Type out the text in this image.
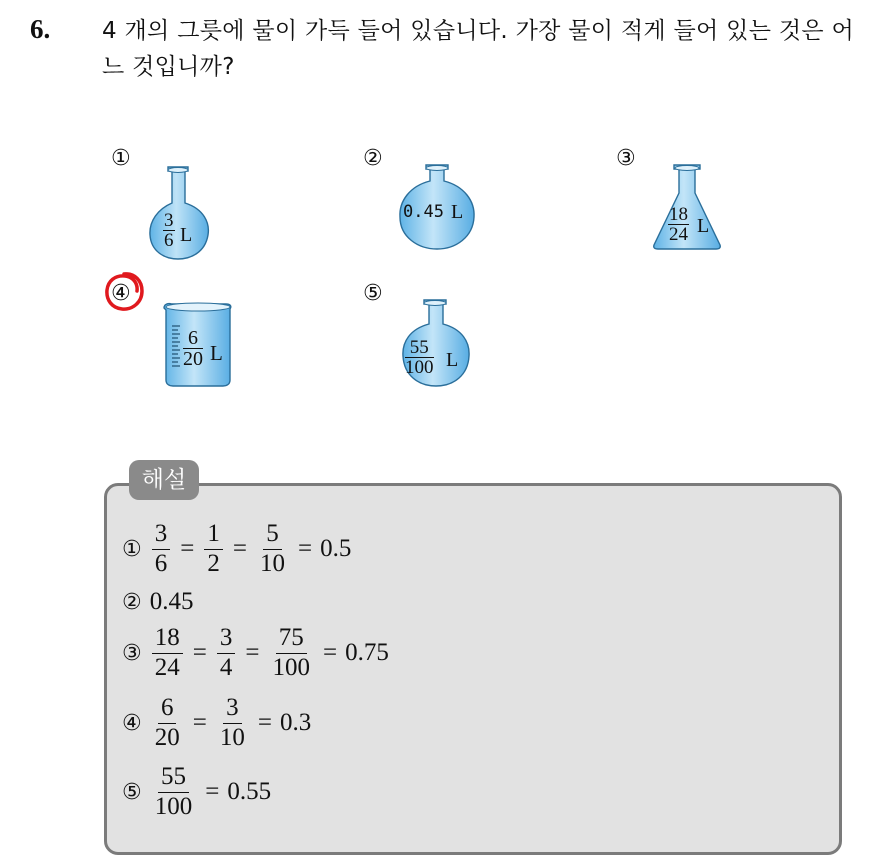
6. 4 개의 그릇에 물이 가득 들어 있습니다. 가장 물이 적게 들어 있는 것은 어느 것입니까?
①
$\frac{3}{6}$ L
②
0.45 L
③
$\frac{18}{24}$ L
④
$\frac{6}{20}$ L
⑤
$\frac{55}{100}$ L
해설
① $\frac{3}{6} = \frac{1}{2} = \frac{5}{10} = 0.5$
② 0.45
③ $\frac{18}{24} = \frac{3}{4} = \frac{75}{100} = 0.75$
④ $\frac{6}{20} = \frac{3}{10} = 0.3$
⑤ $\frac{55}{100} = 0.55$
